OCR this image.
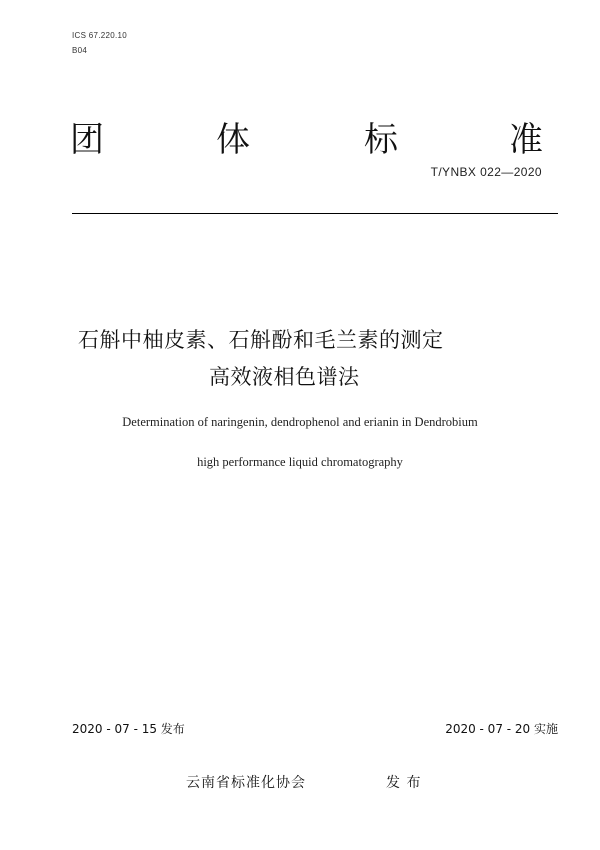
ICS 67.220.10
B04
团	体	标	准
T/YNBX 022—2020
石斛中柚皮素、石斛酚和毛兰素的测定
高效液相色谱法
Determination of naringenin, dendrophenol and erianin in Dendrobium
high performance liquid chromatography
2020 - 07 - 15 发布	2020 - 07 - 20 实施
云南省标准化协会	发 布
